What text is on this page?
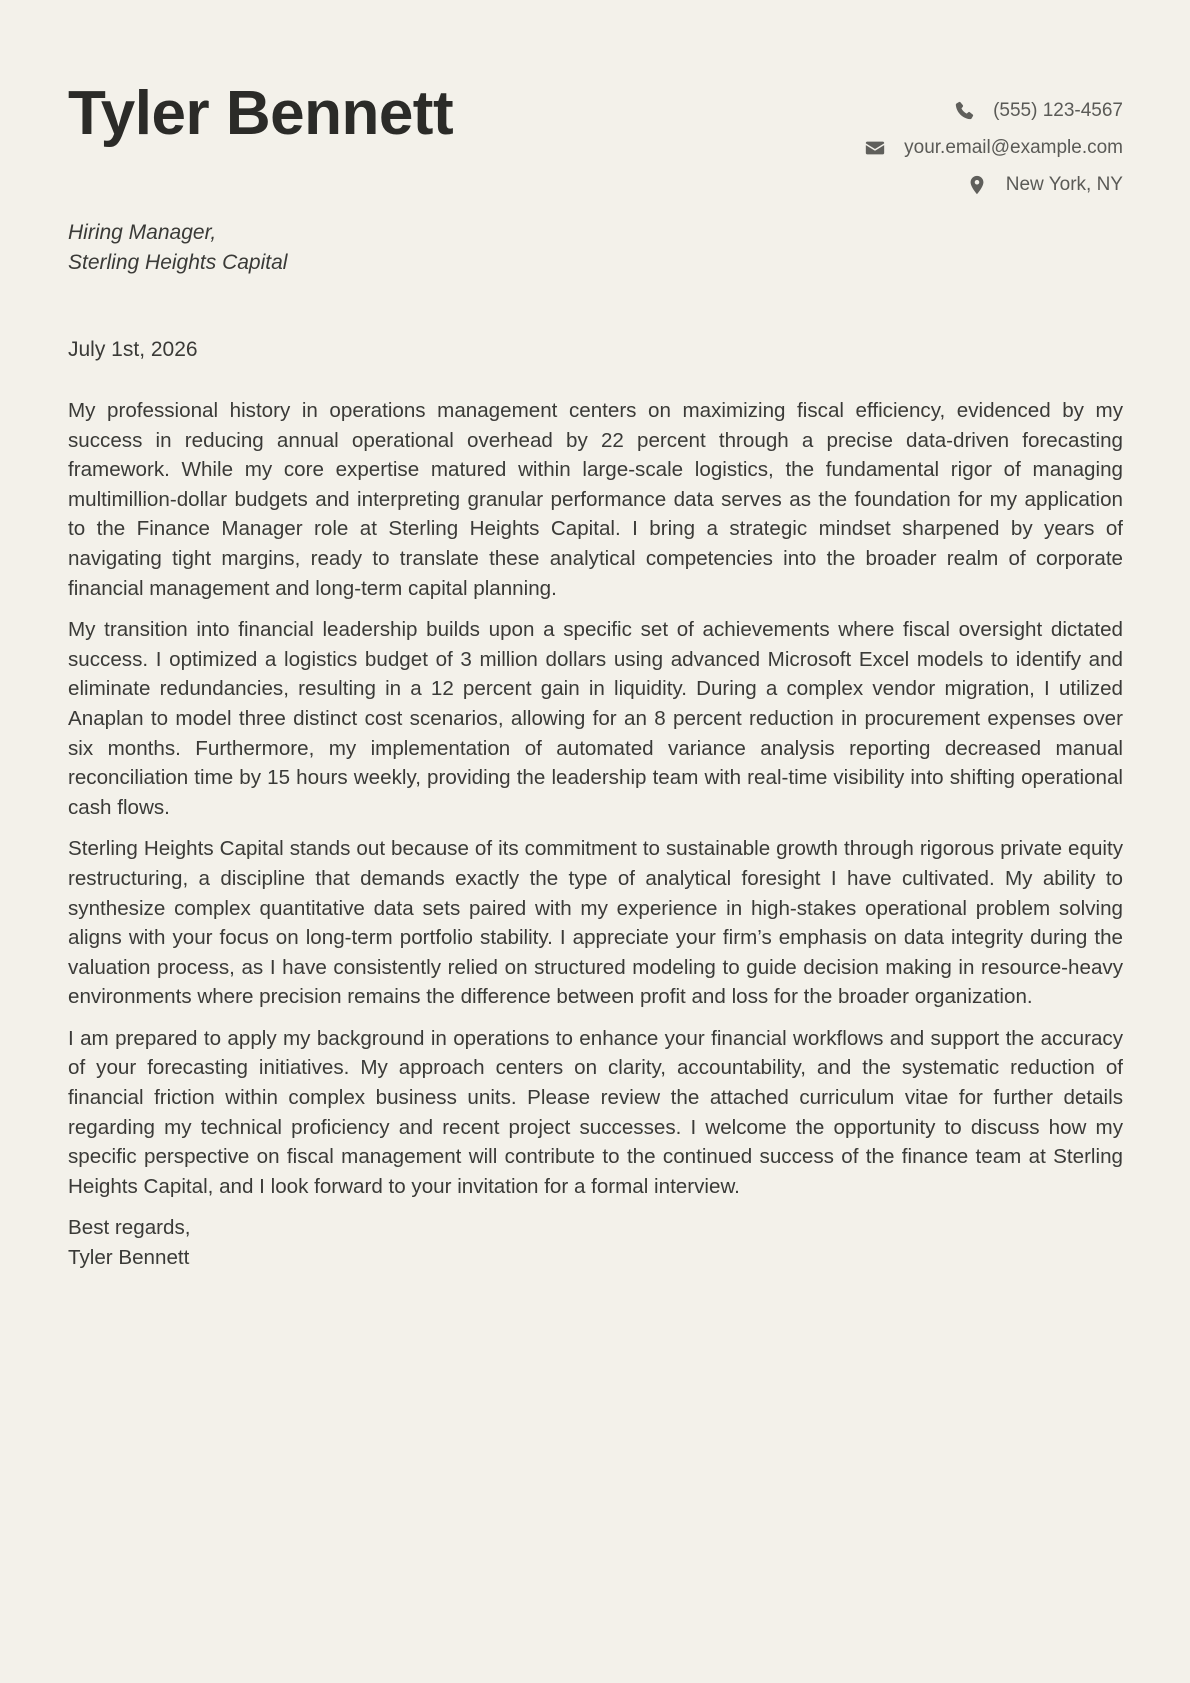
Tyler Bennett	(555) 123-4567
your.email@example.com
New York, NY
Hiring Manager,
Sterling Heights Capital
July 1st, 2026

My professional history in operations management centers on maximizing fiscal efficiency, evidenced by my success in reducing annual operational overhead by 22 percent through a precise data-driven forecasting framework. While my core expertise matured within large-scale logistics, the fundamental rigor of managing multimillion-dollar budgets and interpreting granular performance data serves as the foundation for my application to the Finance Manager role at Sterling Heights Capital. I bring a strategic mindset sharpened by years of navigating tight margins, ready to translate these analytical competencies into the broader realm of corporate financial management and long-term capital planning.

My transition into financial leadership builds upon a specific set of achievements where fiscal oversight dictated success. I optimized a logistics budget of 3 million dollars using advanced Microsoft Excel models to identify and eliminate redundancies, resulting in a 12 percent gain in liquidity. During a complex vendor migration, I utilized Anaplan to model three distinct cost scenarios, allowing for an 8 percent reduction in procurement expenses over six months. Furthermore, my implementation of automated variance analysis reporting decreased manual reconciliation time by 15 hours weekly, providing the leadership team with real-time visibility into shifting operational cash flows.

Sterling Heights Capital stands out because of its commitment to sustainable growth through rigorous private equity restructuring, a discipline that demands exactly the type of analytical foresight I have cultivated. My ability to synthesize complex quantitative data sets paired with my experience in high-stakes operational problem solving aligns with your focus on long-term portfolio stability. I appreciate your firm’s emphasis on data integrity during the valuation process, as I have consistently relied on structured modeling to guide decision making in resource-heavy environments where precision remains the difference between profit and loss for the broader organization.

I am prepared to apply my background in operations to enhance your financial workflows and support the accuracy of your forecasting initiatives. My approach centers on clarity, accountability, and the systematic reduction of financial friction within complex business units. Please review the attached curriculum vitae for further details regarding my technical proficiency and recent project successes. I welcome the opportunity to discuss how my specific perspective on fiscal management will contribute to the continued success of the finance team at Sterling Heights Capital, and I look forward to your invitation for a formal interview.

Best regards,
Tyler Bennett
